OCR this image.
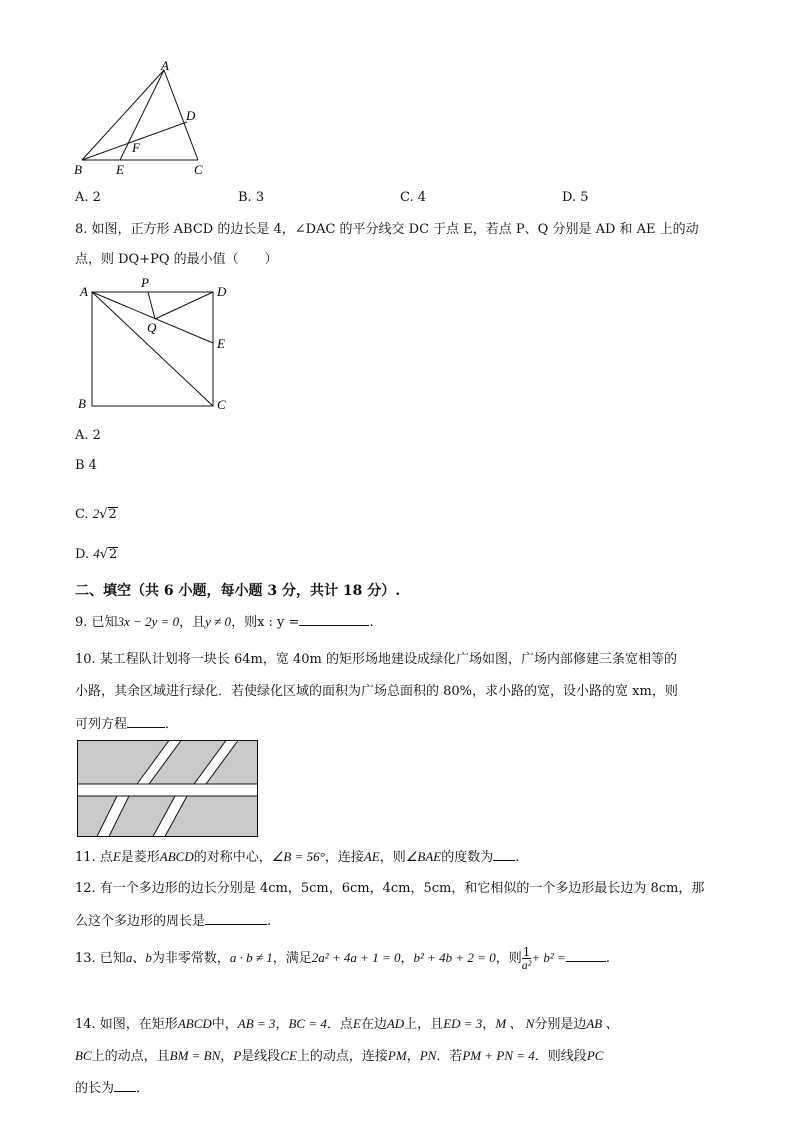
A
D
F
B	E	C
A. 2	B. 3	C. 4	D. 5
8. 如图，正方形 ABCD 的边长是 4，∠DAC 的平分线交 DC 于点 E，若点 P、Q 分别是 AD 和 AE 上的动
点，则 DQ+PQ 的最小值（　　）
A
P
D
Q
E
B	C
A. 2
B 4
C. 2√2
D. 4√2
二、填空（共 6 小题，每小题 3 分，共计 18 分）.
9. 已知3x − 2y = 0，且y ≠ 0，则x : y =	.
10. 某工程队计划将一块长 64m，宽 40m 的矩形场地建设成绿化广场如图，广场内部修建三条宽相等的
小路，其余区域进行绿化．若使绿化区域的面积为广场总面积的 80%，求小路的宽，设小路的宽 xm，则
可列方程	．
11. 点E是菱形ABCD的对称中心，∠B = 56°，连接AE，则∠BAE的度数为 .
12. 有一个多边形的边长分别是 4cm，5cm，6cm，4cm，5cm，和它相似的一个多边形最长边为 8cm，那
么这个多边形的周长是	.
13. 已知a、b为非零常数，a · b ≠ 1，满足2a² + 4a + 1 = 0，b² + 4b + 2 = 0，则 $\frac{1}{\text{a²}} + b^2$ =	.
14. 如图，在矩形ABCD中，AB = 3，BC = 4．点E在边AD上，且ED = 3，M 、 N分别是边AB 、
BC上的动点，且BM = BN，P是线段CE上的动点，连接PM，PN．若PM + PN = 4．则线段PC
的长为 ．
